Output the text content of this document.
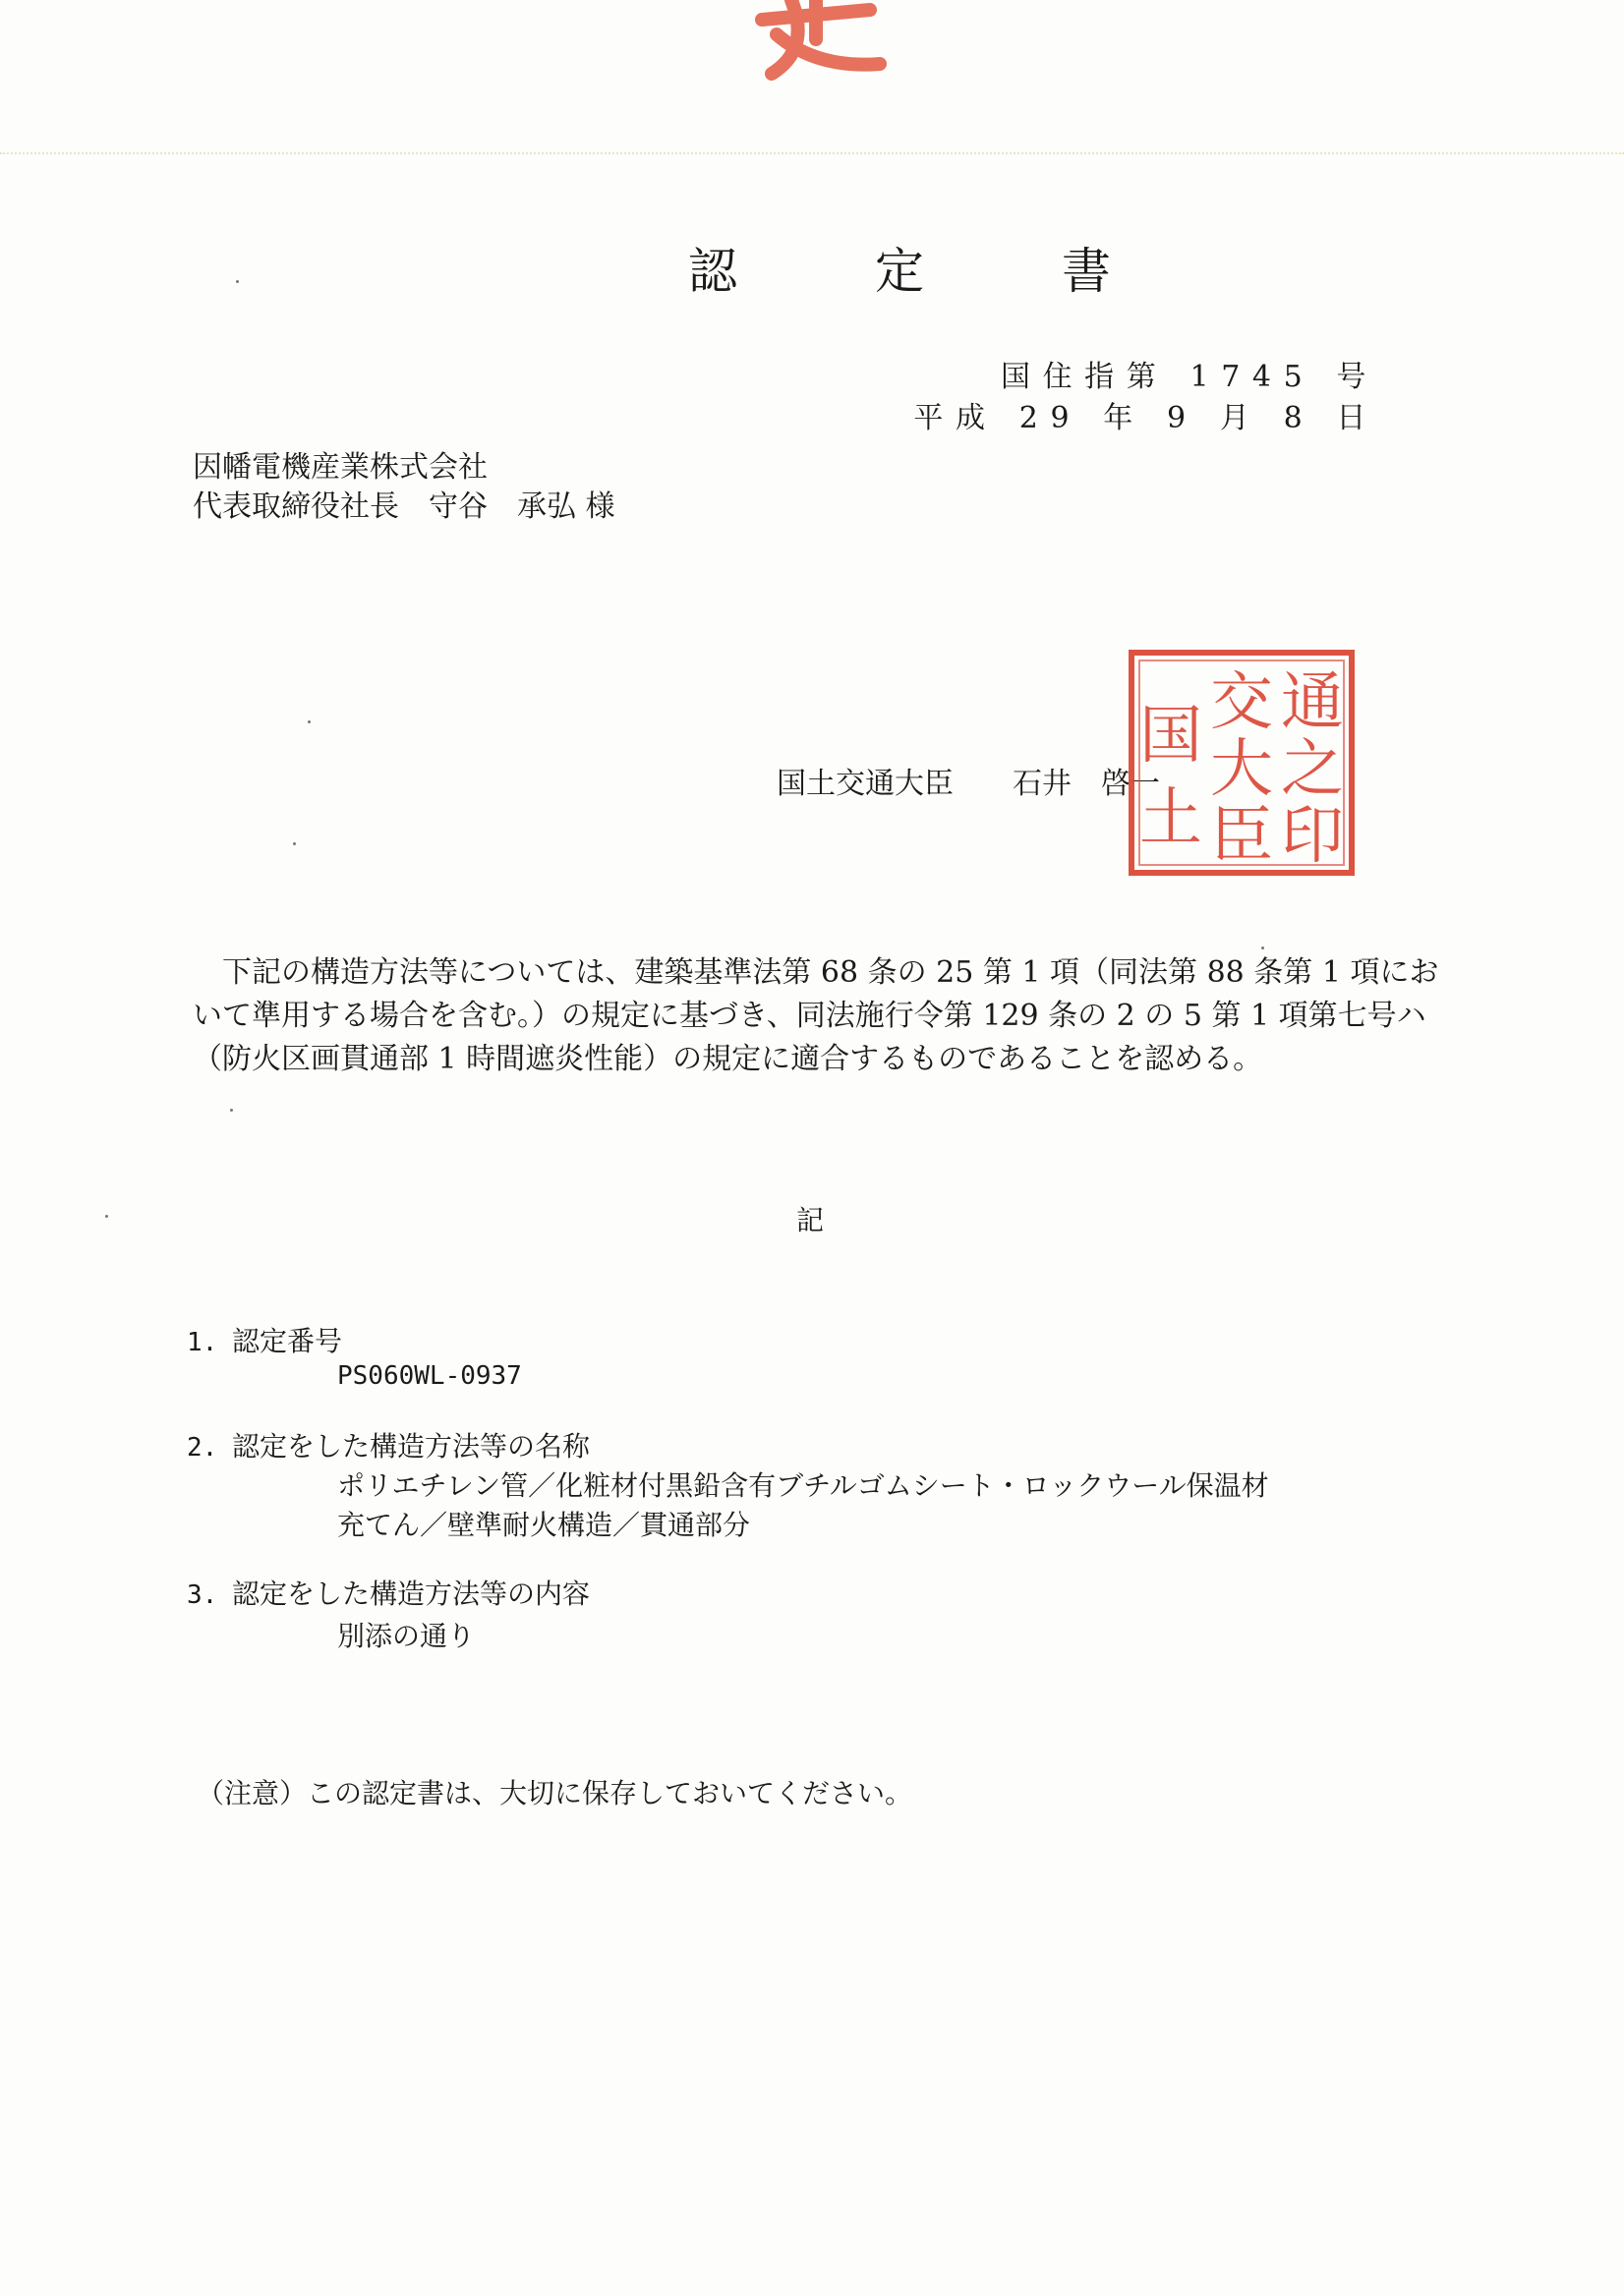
認　定　書
国住指第 1745 号
平成 29 年 9 月 8 日
因幡電機産業株式会社
代表取締役社長　守谷　承弘 様
国土交通大臣 石井　啓一
通
之
印
交
大
臣
国
土

　下記の構造方法等については、建築基準法第 68 条の 25 第 1 項（同法第 88 条第 1 項にお

いて準用する場合を含む。）の規定に基づき、同法施行令第 129 条の 2 の 5 第 1 項第七号ハ

（防火区画貫通部 1 時間遮炎性能）の規定に適合するものであることを認める。

記
1. 認定番号
PS060WL-0937
2. 認定をした構造方法等の名称
ポリエチレン管／化粧材付黒鉛含有ブチルゴムシート・ロックウール保温材
充てん／壁準耐火構造／貫通部分
3. 認定をした構造方法等の内容
別添の通り
（注意）この認定書は、大切に保存しておいてください。
